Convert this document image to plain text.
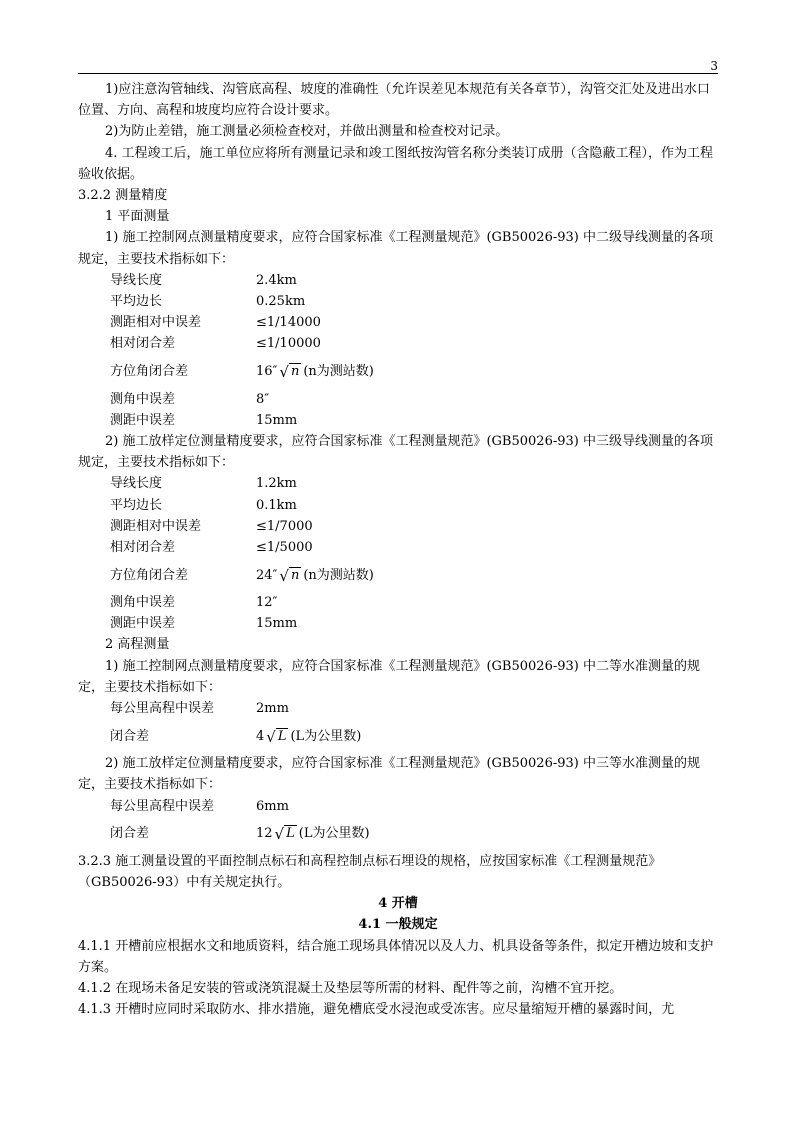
3

1)应注意沟管轴线、沟管底高程、坡度的准确性（允许误差见本规范有关各章节），沟管交汇处及进出水口位置、方向、高程和坡度均应符合设计要求。

2)为防止差错，施工测量必须检查校对，并做出测量和检查校对记录。

4. 工程竣工后，施工单位应将所有测量记录和竣工图纸按沟管名称分类装订成册（含隐蔽工程），作为工程验收依据。

3.2.2 测量精度

1 平面测量

1) 施工控制网点测量精度要求，应符合国家标准《工程测量规范》(GB50026-93) 中二级导线测量的各项规定，主要技术指标如下：

导线长度	2.4km
平均边长	0.25km
测距相对中误差	≤1/14000
相对闭合差	≤1/10000
方位角闭合差	16″ √ n (n为测站数)
测角中误差	8″
测距中误差	15mm

2) 施工放样定位测量精度要求，应符合国家标准《工程测量规范》(GB50026-93) 中三级导线测量的各项规定，主要技术指标如下：

导线长度	1.2km
平均边长	0.1km
测距相对中误差	≤1/7000
相对闭合差	≤1/5000
方位角闭合差	24″ √ n (n为测站数)
测角中误差	12″
测距中误差	15mm

2 高程测量

1) 施工控制网点测量精度要求，应符合国家标准《工程测量规范》(GB50026-93) 中二等水准测量的规定，主要技术指标如下：

每公里高程中误差	2mm
闭合差	4 √ L (L为公里数)

2) 施工放样定位测量精度要求，应符合国家标准《工程测量规范》(GB50026-93) 中三等水准测量的规定，主要技术指标如下：

每公里高程中误差	6mm
闭合差	12 √ L (L为公里数)

3.2.3 施工测量设置的平面控制点标石和高程控制点标石埋设的规格，应按国家标准《工程测量规范》（GB50026-93）中有关规定执行。

4 开槽

4.1 一般规定

4.1.1 开槽前应根据水文和地质资料，结合施工现场具体情况以及人力、机具设备等条件，拟定开槽边坡和支护方案。

4.1.2 在现场未备足安装的管或浇筑混凝土及垫层等所需的材料、配件等之前，沟槽不宜开挖。

4.1.3 开槽时应同时采取防水、排水措施，避免槽底受水浸泡或受冻害。应尽量缩短开槽的暴露时间，尤
